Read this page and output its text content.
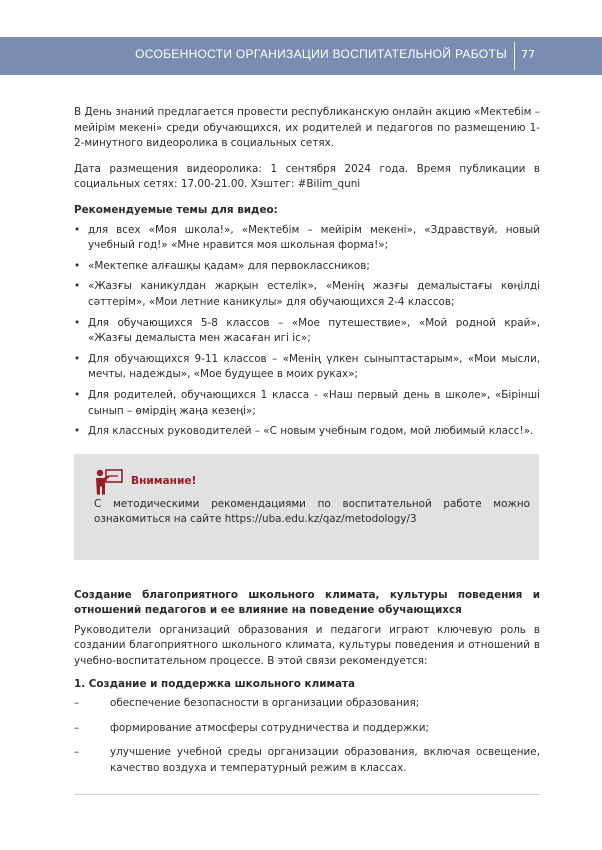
ОСОБЕННОСТИ ОРГАНИЗАЦИИ ВОСПИТАТЕЛЬНОЙ РАБОТЫ 77

В День знаний предлагается провести республиканскую онлайн акцию «Мектебім – мейірім мекені» среди обучающихся, их родителей и педагогов по размещению 1-2-минутного видеоролика в социальных сетях.

Дата размещения видеоролика: 1 сентября 2024 года. Время публикации в социальных сетях: 17.00-21.00. Хэштег: #Bilim_quni

Рекомендуемые темы для видео:

• для всех «Моя школа!», «Мектебім – мейірім мекені», «Здравствуй, новый учебный год!» «Мне нравится моя школьная форма!»;
• «Мектепке алғашқы қадам» для первоклассников;
• «Жазғы каникулдан жарқын естелік», «Менің жазғы демалыстағы көңілді сәттерім», «Мои летние каникулы» для обучающихся 2-4 классов;
• Для обучающихся 5-8 классов – «Мое путешествие», «Мой родной край», «Жазғы демалыста мен жасаған игі іс»;
• Для обучающихся 9-11 классов – «Менің үлкен сыныптастарым», «Мои мысли, мечты, надежды», «Мое будущее в моих руках»;
• Для родителей, обучающихся 1 класса - «Наш первый день в школе», «Бірінші сынып – өмірдің жаңа кезеңі»;
• Для классных руководителей – «С новым учебным годом, мой любимый класс!».
Внимание!

С методическими рекомендациями по воспитательной работе можно ознакомиться на сайте https://uba.edu.kz/qaz/metodology/3

Создание благоприятного школьного климата, культуры поведения и отношений педагогов и ее влияние на поведение обучающихся

Руководители организаций образования и педагоги играют ключевую роль в создании благоприятного школьного климата, культуры поведения и отношений в учебно-воспитательном процессе. В этой связи рекомендуется:

1. Создание и поддержка школьного климата

–	обеспечение безопасности в организации образования;
–	формирование атмосферы сотрудничества и поддержки;
–	улучшение учебной среды организации образования, включая освещение, качество воздуха и температурный режим в классах.
